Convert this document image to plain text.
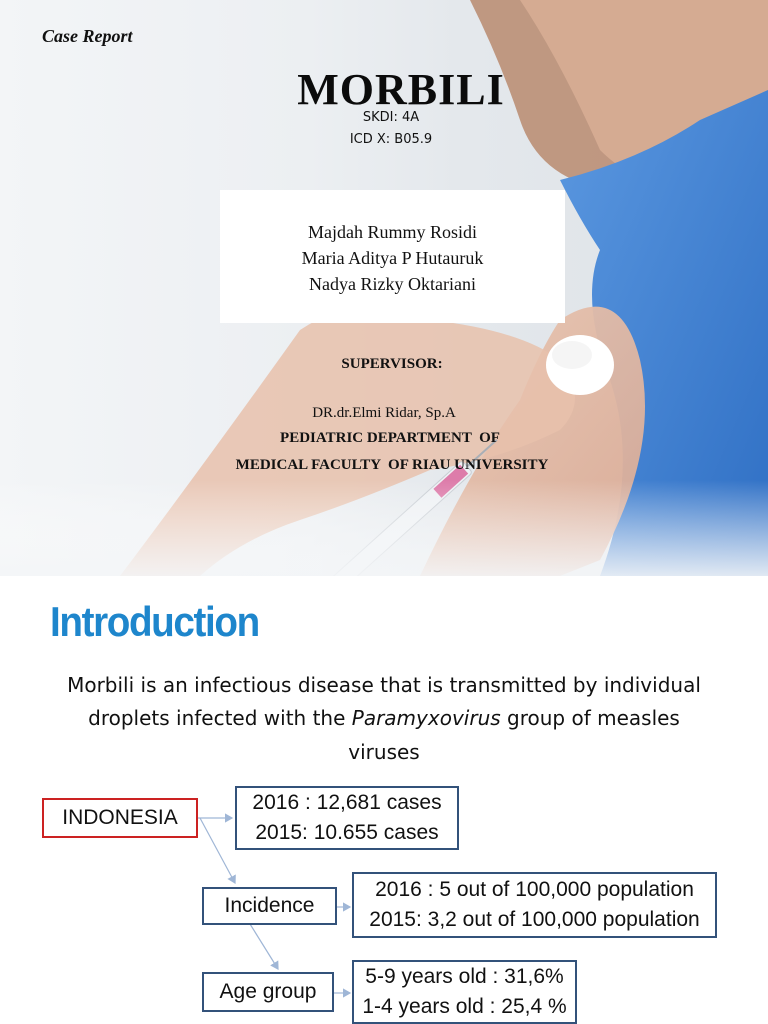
Case Report
MORBILI
SKDI: 4A
ICD X: B05.9
Majdah Rummy Rosidi
Maria Aditya P Hutauruk
Nadya Rizky Oktariani
SUPERVISOR:
DR.dr.Elmi Ridar, Sp.A
PEDIATRIC DEPARTMENT  OF
MEDICAL FACULTY  OF RIAU UNIVERSITY
Introduction
Morbili is an infectious disease that is transmitted by individual
droplets infected with the Paramyxovirus group of measles
viruses
INDONESIA
2016 : 12,681 cases
2015: 10.655 cases
Incidence
2016 : 5 out of 100,000 population
2015: 3,2 out of 100,000 population
Age group
5-9 years old : 31,6%
1-4 years old : 25,4 %
